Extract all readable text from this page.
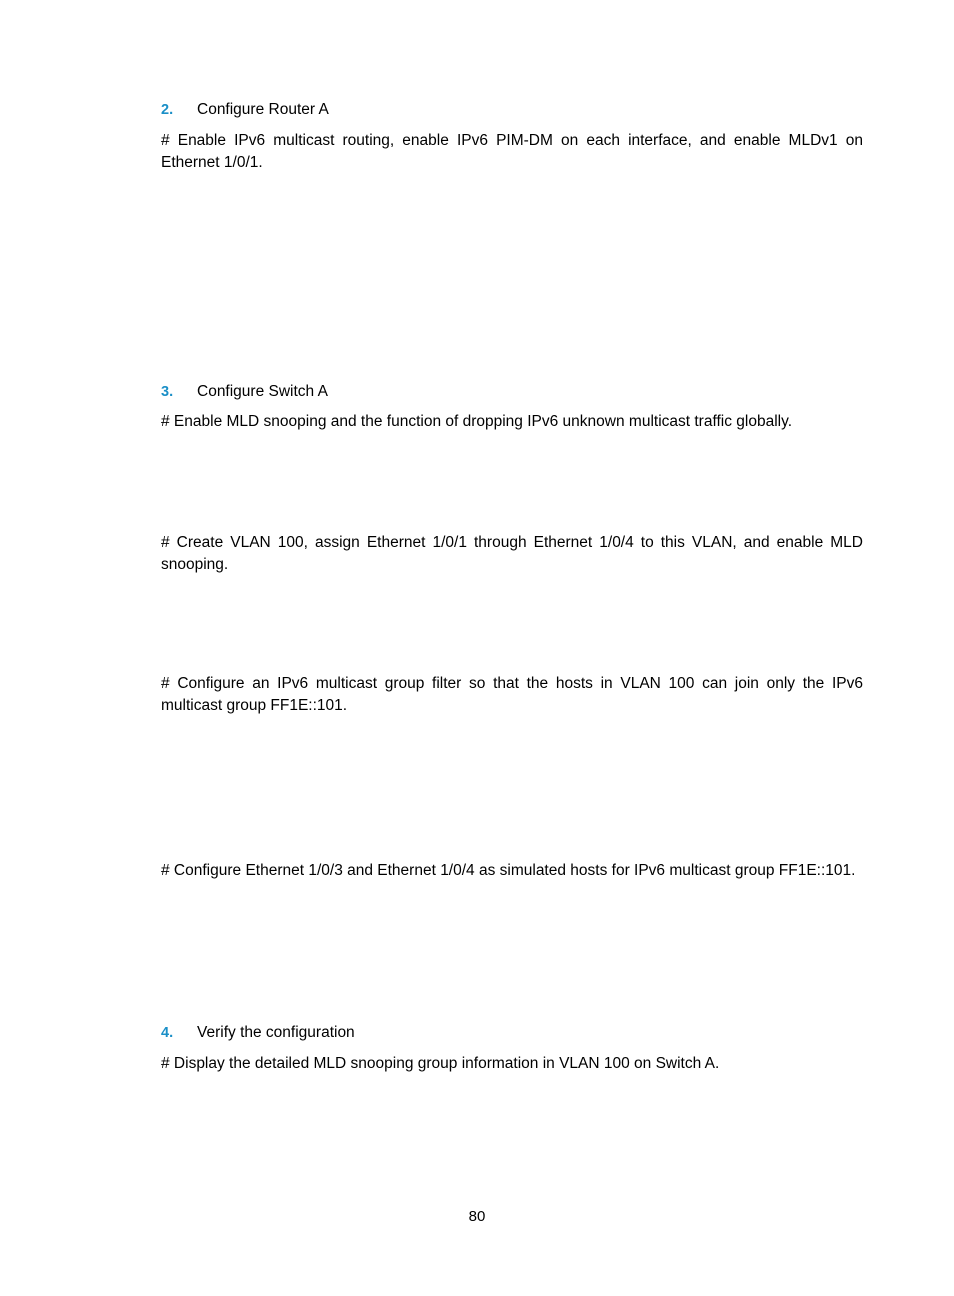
2. Configure Router A

# Enable IPv6 multicast routing, enable IPv6 PIM-DM on each interface, and enable MLDv1 on Ethernet 1/0/1.

3. Configure Switch A

# Enable MLD snooping and the function of dropping IPv6 unknown multicast traffic globally.

# Create VLAN 100, assign Ethernet 1/0/1 through Ethernet 1/0/4 to this VLAN, and enable MLD snooping.

# Configure an IPv6 multicast group filter so that the hosts in VLAN 100 can join only the IPv6 multicast group FF1E::101.

# Configure Ethernet 1/0/3 and Ethernet 1/0/4 as simulated hosts for IPv6 multicast group FF1E::101.

4. Verify the configuration

# Display the detailed MLD snooping group information in VLAN 100 on Switch A.

80
